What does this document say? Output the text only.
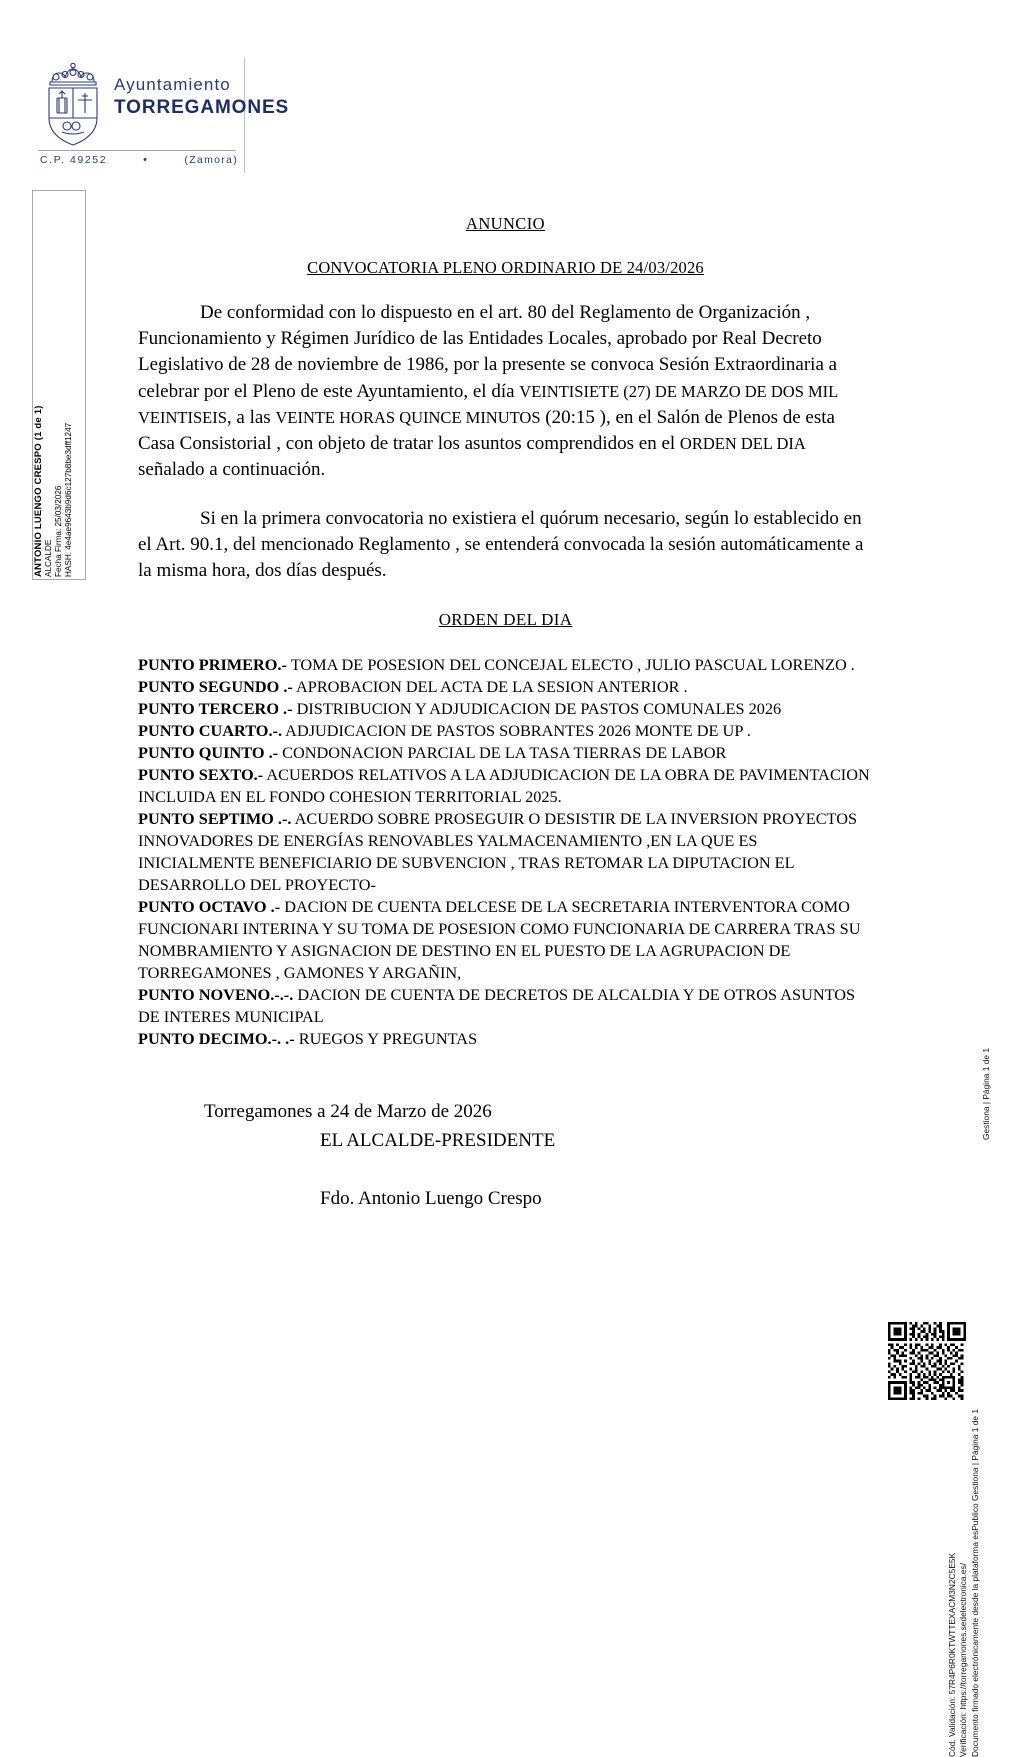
Ayuntamiento
TORREGAMONES
C.P. 49252	•	(Zamora)
ANTONIO LUENGO CRESPO (1 de 1) ALCALDE Fecha Firma: 25/03/2026 HASH: 4e4ae9643b9d6c127b8be3dff1247
ANUNCIO
CONVOCATORIA PLENO ORDINARIO DE 24/03/2026
De conformidad con lo dispuesto en el art. 80 del Reglamento de Organización , Funcionamiento y Régimen Jurídico de las Entidades Locales, aprobado por Real Decreto Legislativo de 28 de noviembre de 1986, por la presente se convoca Sesión Extraordinaria a celebrar por el Pleno de este Ayuntamiento, el día VEINTISIETE (27) DE MARZO DE DOS MIL VEINTISEIS, a las VEINTE HORAS QUINCE MINUTOS (20:15 ), en el Salón de Plenos de esta Casa Consistorial , con objeto de tratar los asuntos comprendidos en el ORDEN DEL DIA señalado a continuación.
Si en la primera convocatoria no existiera el quórum necesario, según lo establecido en el Art. 90.1, del mencionado Reglamento , se entenderá convocada la sesión automáticamente a la misma hora, dos días después.
ORDEN DEL DIA

PUNTO PRIMERO.- TOMA DE POSESION DEL CONCEJAL ELECTO , JULIO PASCUAL LORENZO .

PUNTO SEGUNDO .- APROBACION DEL ACTA DE LA SESION ANTERIOR .

PUNTO TERCERO .- DISTRIBUCION Y ADJUDICACION DE PASTOS COMUNALES 2026

PUNTO CUARTO.-. ADJUDICACION DE PASTOS SOBRANTES 2026 MONTE DE UP .

PUNTO QUINTO .- CONDONACION PARCIAL DE LA TASA TIERRAS DE LABOR

PUNTO SEXTO.- ACUERDOS RELATIVOS A LA ADJUDICACION DE LA OBRA DE PAVIMENTACION INCLUIDA EN EL FONDO COHESION TERRITORIAL 2025.

PUNTO SEPTIMO .-. ACUERDO SOBRE PROSEGUIR O DESISTIR DE LA INVERSION PROYECTOS INNOVADORES DE ENERGÍAS RENOVABLES YALMACENAMIENTO ,EN LA QUE ES INICIALMENTE BENEFICIARIO DE SUBVENCION , TRAS RETOMAR LA DIPUTACION EL DESARROLLO DEL PROYECTO-

PUNTO OCTAVO .- DACION DE CUENTA DELCESE DE LA SECRETARIA INTERVENTORA COMO FUNCIONARI INTERINA Y SU TOMA DE POSESION COMO FUNCIONARIA DE CARRERA TRAS SU NOMBRAMIENTO Y ASIGNACION DE DESTINO EN EL PUESTO DE LA AGRUPACION DE TORREGAMONES , GAMONES Y ARGAÑIN,

PUNTO NOVENO.-.-. DACION DE CUENTA DE DECRETOS DE ALCALDIA Y DE OTROS ASUNTOS DE INTERES MUNICIPAL

PUNTO DECIMO.-. .- RUEGOS Y PREGUNTAS

Torregamones a 24 de Marzo de 2026
EL ALCALDE-PRESIDENTE
Fdo. Antonio Luengo Crespo
Gestiona | Página 1 de 1
Cód. Validación: 57R4P6R0KTWTTEXACM3N2C5E5K Verificación: https://torregamones.sedelectronica.es/ Documento firmado electrónicamente desde la plataforma esPublico Gestiona | Página 1 de 1
